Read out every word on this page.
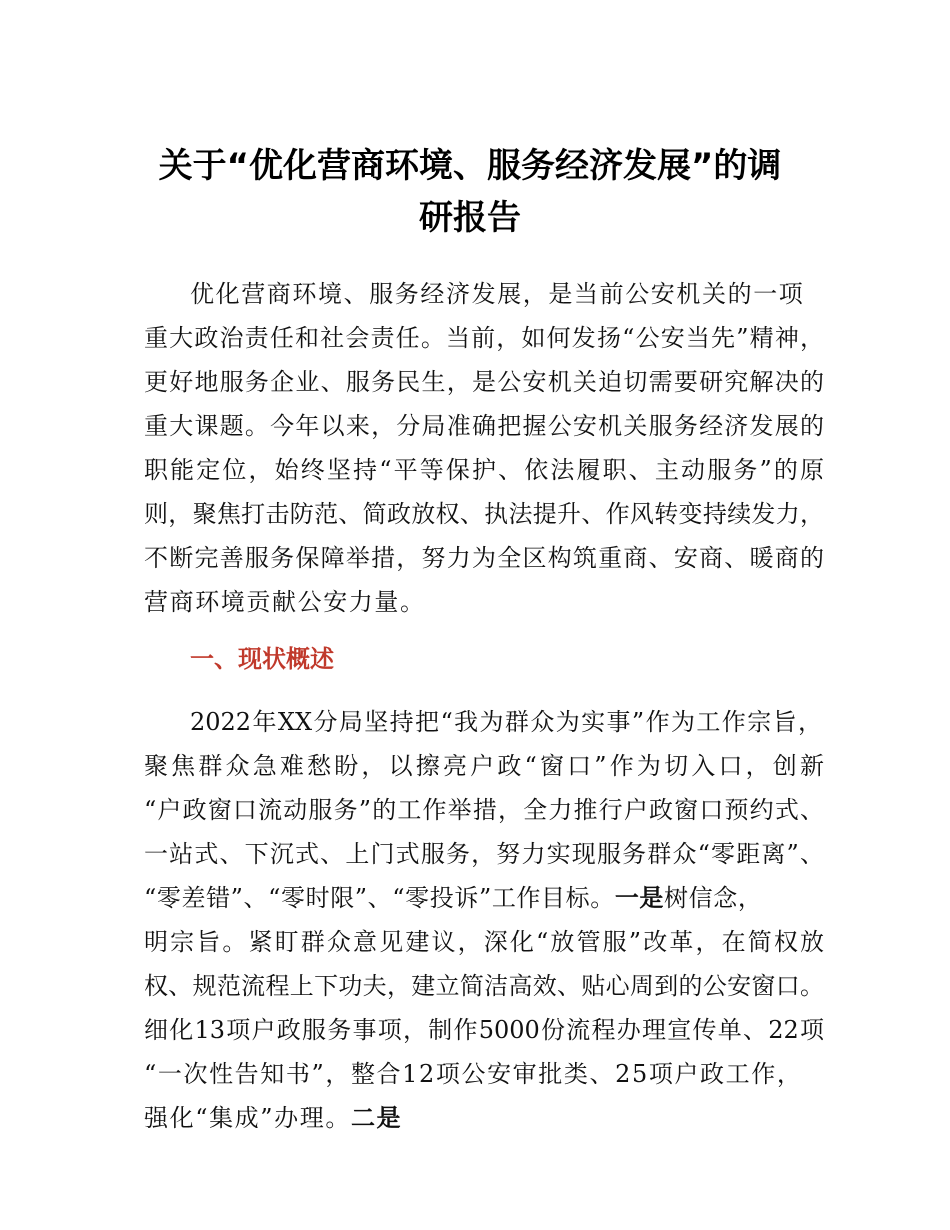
关于“优化营商环境、服务经济发展”的调
研报告
优化营商环境、服务经济发展，是当前公安机关的一项
重大政治责任和社会责任。当前，如何发扬“公安当先”精神，
更好地服务企业、服务民生，是公安机关迫切需要研究解决的
重大课题。今年以来，分局准确把握公安机关服务经济发展的
职能定位，始终坚持“平等保护、依法履职、主动服务”的原
则，聚焦打击防范、简政放权、执法提升、作风转变持续发力，
不断完善服务保障举措，努力为全区构筑重商、安商、暖商的
营商环境贡献公安力量。
一、现状概述
2022年XX分局坚持把“我为群众为实事”作为工作宗旨，
聚焦群众急难愁盼，以擦亮户政“窗口”作为切入口，创新
“户政窗口流动服务”的工作举措，全力推行户政窗口预约式、
一站式、下沉式、上门式服务，努力实现服务群众“零距离”、
“零差错”、“零时限”、“零投诉”工作目标。一是树信念，
明宗旨。紧盯群众意见建议，深化“放管服”改革，在简权放
权、规范流程上下功夫，建立简洁高效、贴心周到的公安窗口。
细化13项户政服务事项，制作5000份流程办理宣传单、22项
“一次性告知书”，整合12项公安审批类、25项户政工作，
强化“集成”办理。二是
